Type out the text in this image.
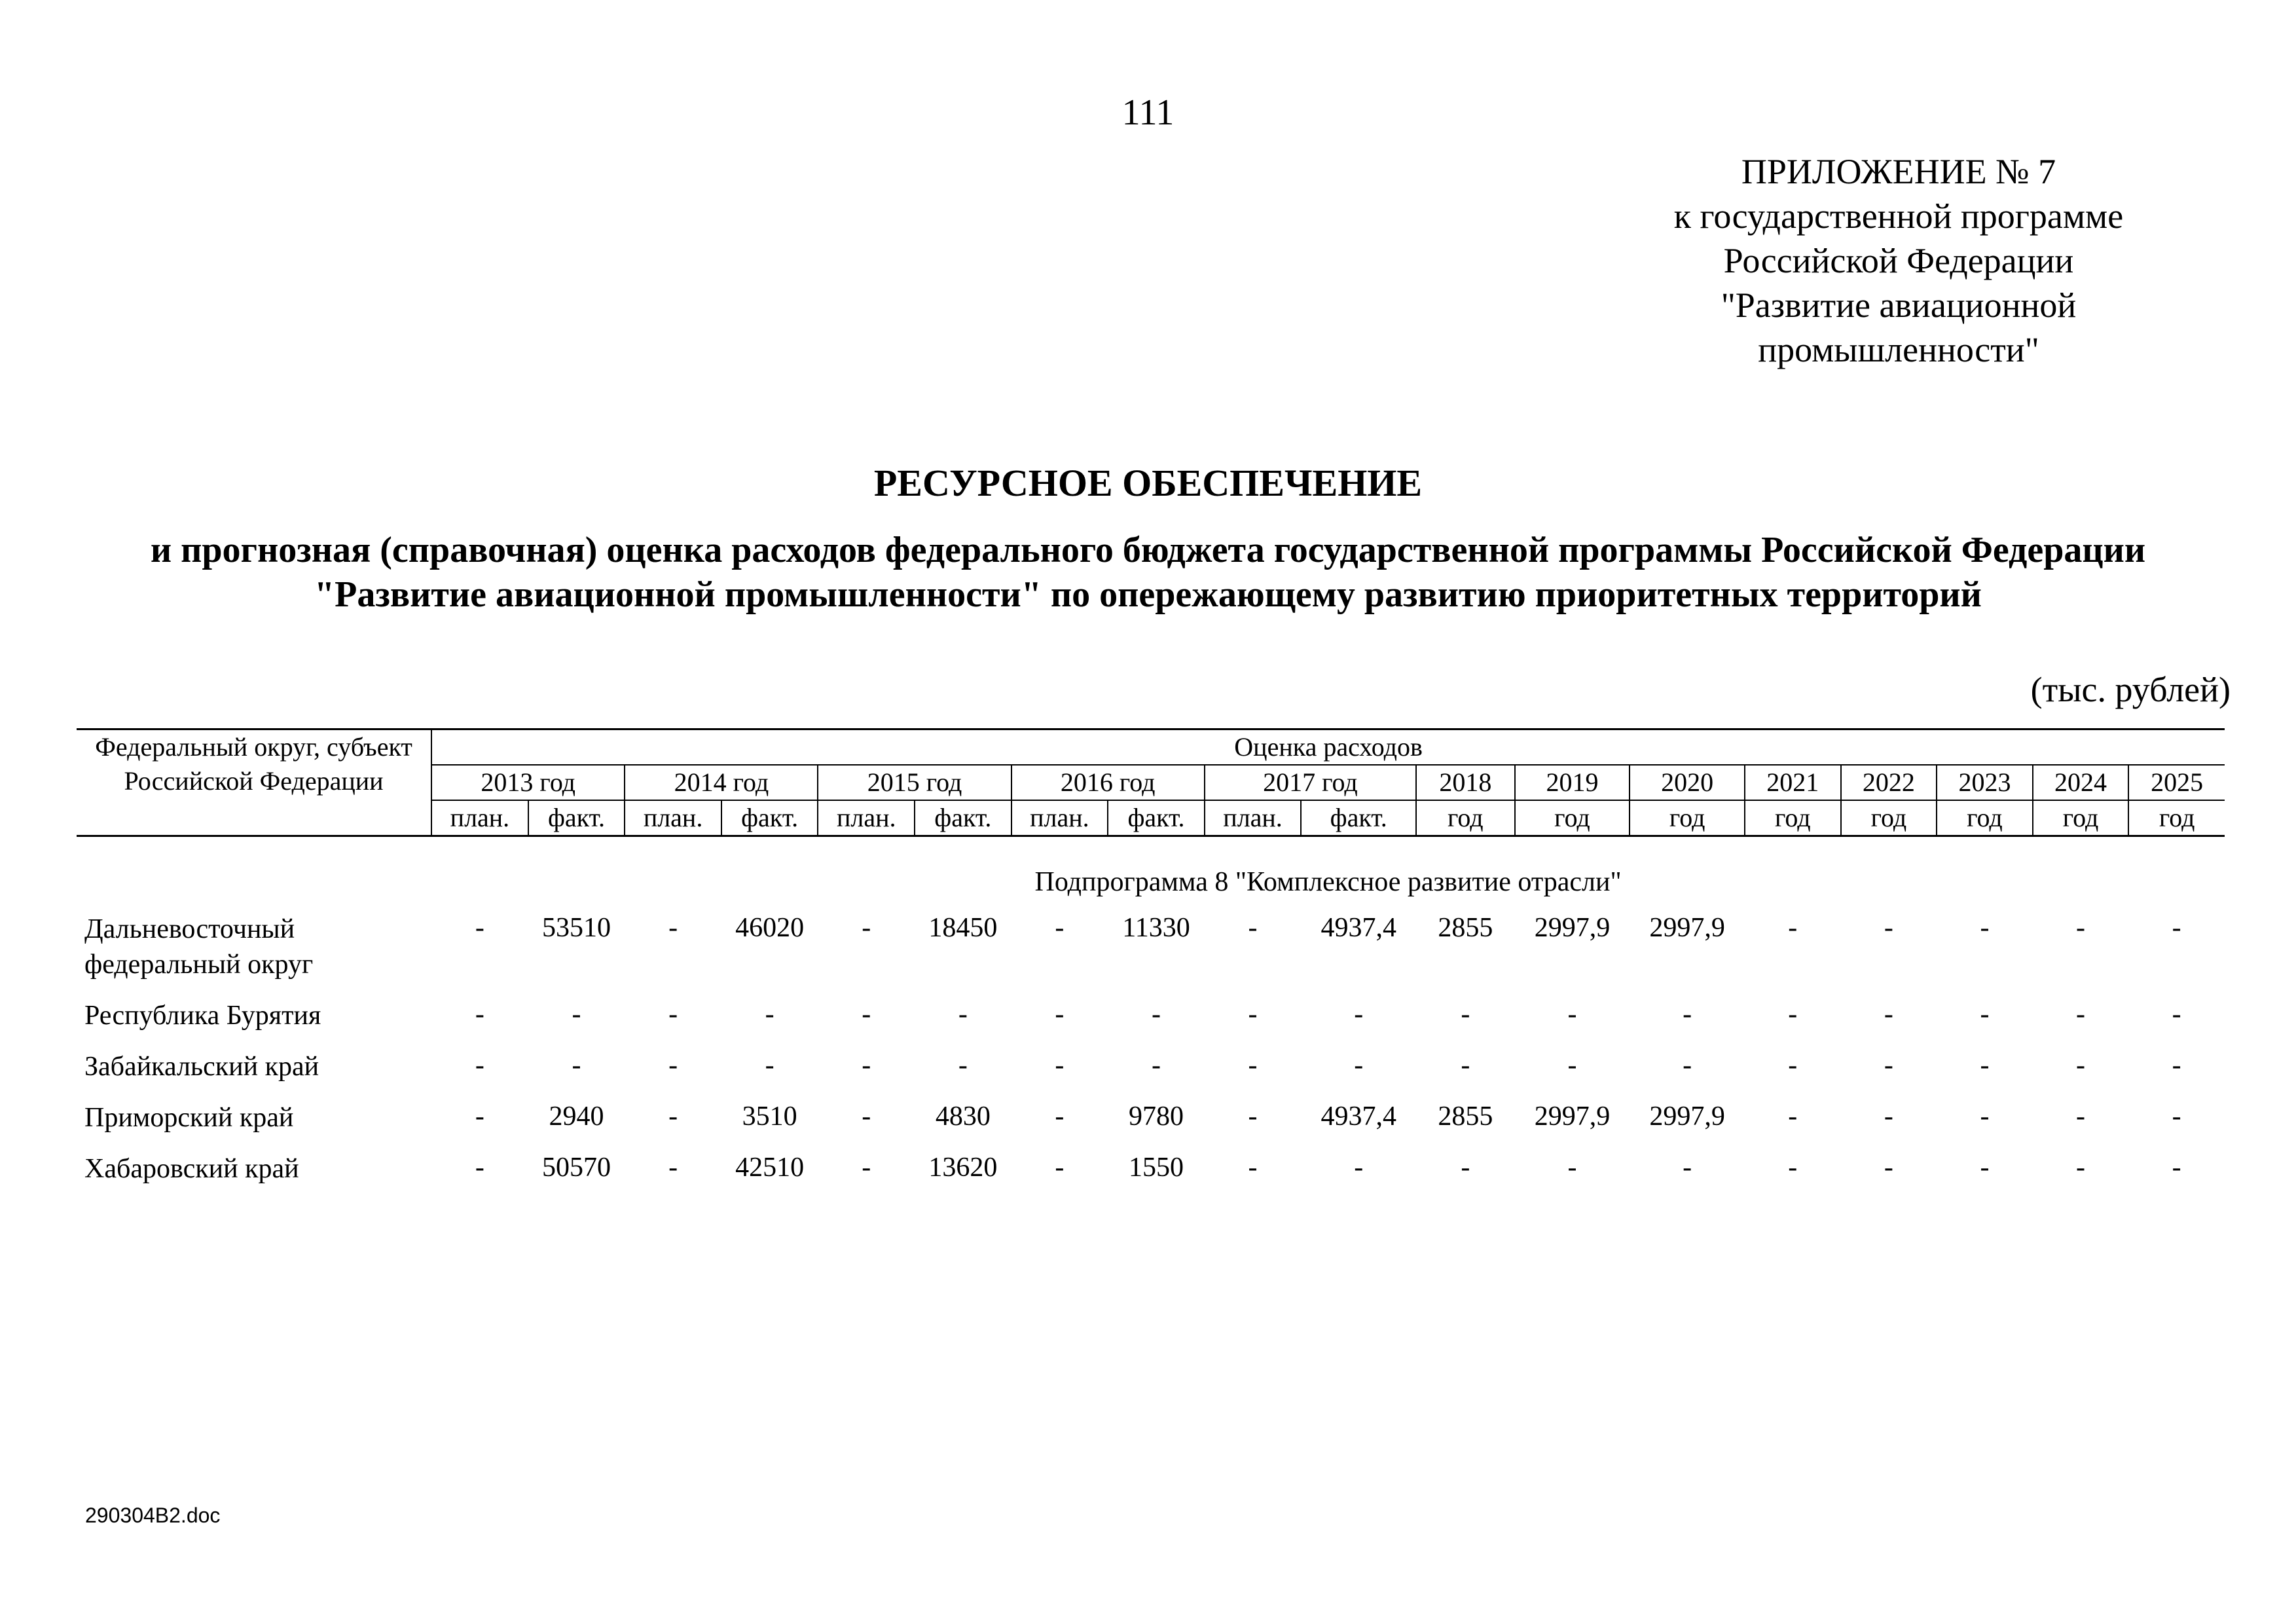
111
ПРИЛОЖЕНИЕ № 7
к государственной программе
Российской Федерации
"Развитие авиационной
промышленности"
РЕСУРСНОЕ ОБЕСПЕЧЕНИЕ
и прогнозная (справочная) оценка расходов федерального бюджета государственной программы Российской Федерации
"Развитие авиационной промышленности" по опережающему развитию приоритетных территорий
(тыс. рублей)
Федеральный округ, субъект Российской Федерации	Оценка расходов																	
	2013 год		2014 год		2015 год		2016 год		2017 год		2018	2019	2020	2021	2022	2023	2024	2025
	план.	факт.	план.	факт.	план.	факт.	план.	факт.	план.	факт.	год	год	год	год	год	год	год	год
	Подпрограмма 8 "Комплексное развитие отрасли"																	
Дальневосточный федеральный округ	-	53510	-	46020	-	18450	-	11330	-	4937,4	2855	2997,9	2997,9	-	-	-	-	-
Республика Бурятия	-	-	-	-	-	-	-	-	-	-	-	-	-	-	-	-	-	-
Забайкальский край	-	-	-	-	-	-	-	-	-	-	-	-	-	-	-	-	-	-
Приморский край	-	2940	-	3510	-	4830	-	9780	-	4937,4	2855	2997,9	2997,9	-	-	-	-	-
Хабаровский край	-	50570	-	42510	-	13620	-	1550	-	-	-	-	-	-	-	-	-	-
290304B2.doc
